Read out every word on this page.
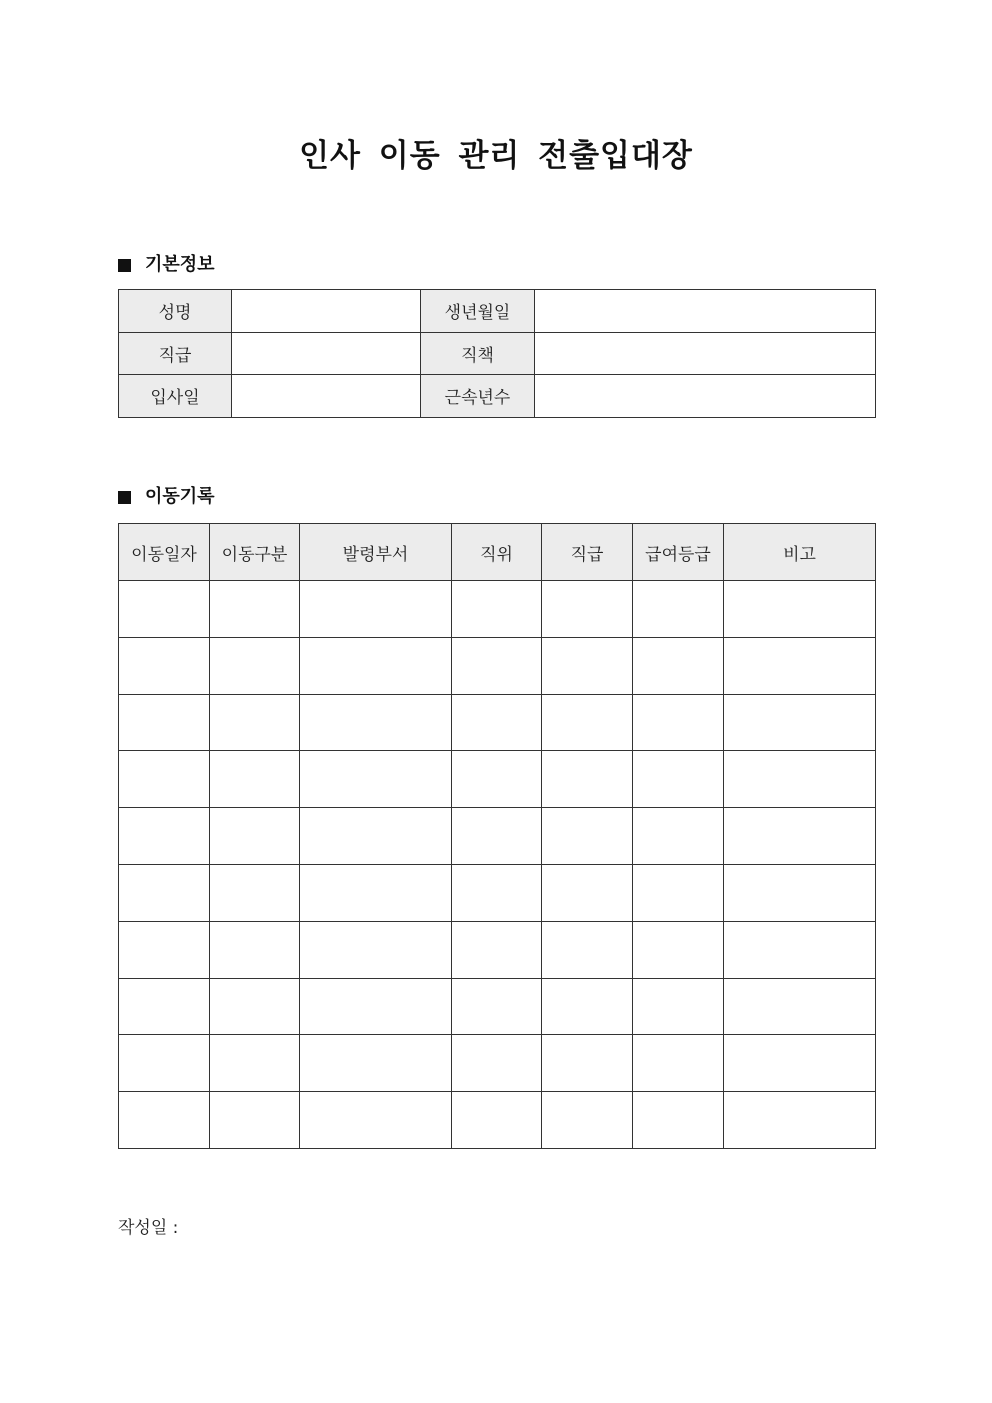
인사 이동 관리 전출입대장
기본정보
성명		생년월일	
직급		직책	
입사일		근속년수	
이동기록
이동일자	이동구분	발령부서	직위	직급	급여등급	비고

작성일 :
